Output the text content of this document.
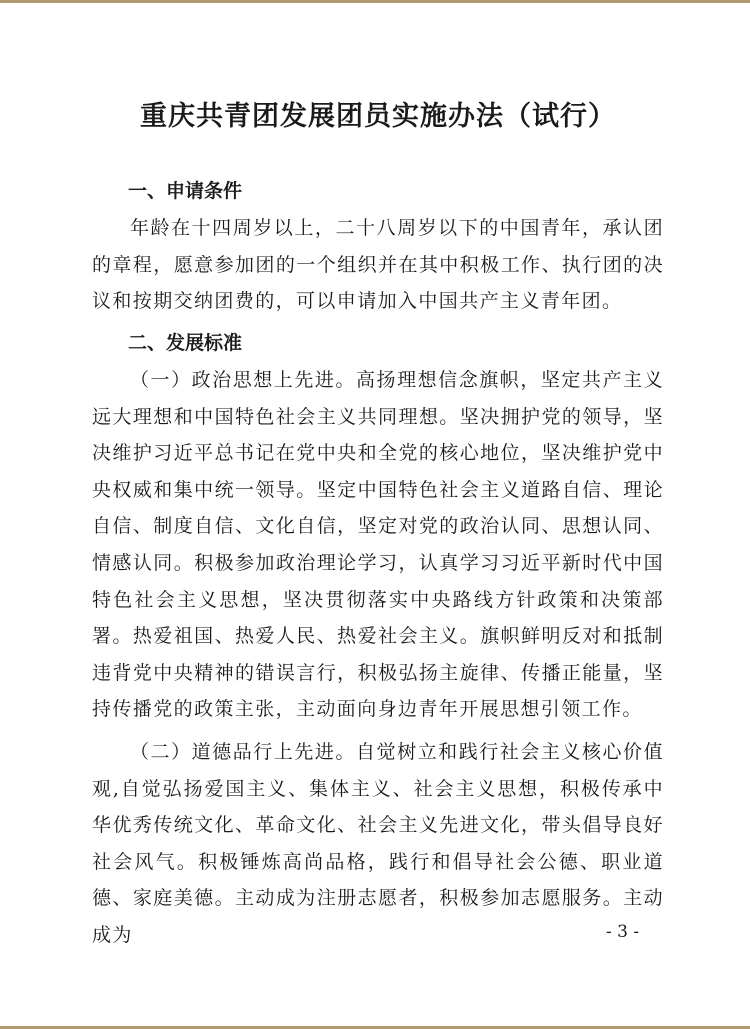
重庆共青团发展团员实施办法（试行）
一、申请条件
年龄在十四周岁以上，二十八周岁以下的中国青年，承认团的章程，愿意参加团的一个组织并在其中积极工作、执行团的决议和按期交纳团费的，可以申请加入中国共产主义青年团。
二、发展标准
（一）政治思想上先进。高扬理想信念旗帜，坚定共产主义远大理想和中国特色社会主义共同理想。坚决拥护党的领导，坚决维护习近平总书记在党中央和全党的核心地位，坚决维护党中央权威和集中统一领导。坚定中国特色社会主义道路自信、理论自信、制度自信、文化自信，坚定对党的政治认同、思想认同、情感认同。积极参加政治理论学习，认真学习习近平新时代中国特色社会主义思想，坚决贯彻落实中央路线方针政策和决策部署。热爱祖国、热爱人民、热爱社会主义。旗帜鲜明反对和抵制违背党中央精神的错误言行，积极弘扬主旋律、传播正能量，坚持传播党的政策主张，主动面向身边青年开展思想引领工作。
（二）道德品行上先进。自觉树立和践行社会主义核心价值观,自觉弘扬爱国主义、集体主义、社会主义思想，积极传承中华优秀传统文化、革命文化、社会主义先进文化，带头倡导良好社会风气。积极锤炼高尚品格，践行和倡导社会公德、职业道德、家庭美德。主动成为注册志愿者，积极参加志愿服务。主动成为	- 3 -
